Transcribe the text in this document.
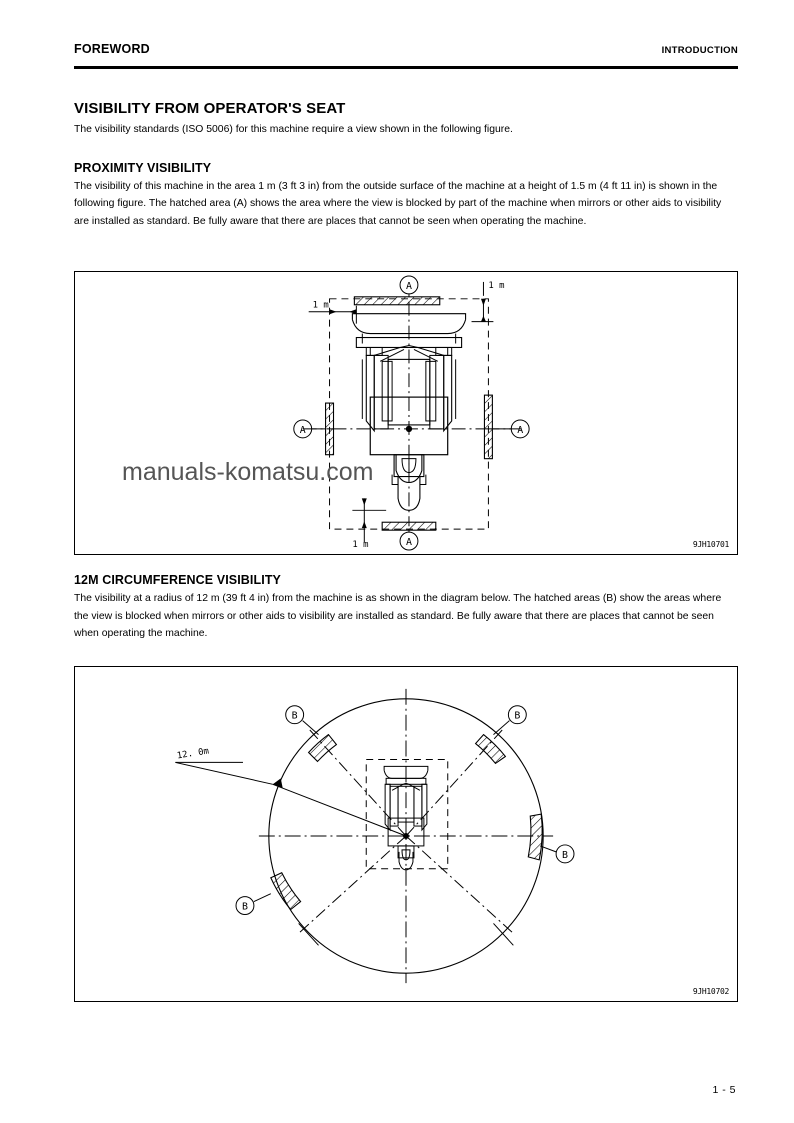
FOREWORD	INTRODUCTION
VISIBILITY FROM OPERATOR'S SEAT

The visibility standards (ISO 5006) for this machine require a view shown in the following figure.

PROXIMITY VISIBILITY

The visibility of this machine in the area 1 m (3 ft 3 in) from the outside surface of the machine at a height of 1.5 m (4 ft 11 in) is shown in the following figure. The hatched area (A) shows the area where the view is blocked by part of the machine when mirrors or other aids to visibility are installed as standard. Be fully aware that there are places that cannot be seen when operating the machine.

A
A	A
A
1 m
1 m
1 m	9JH10701
manuals-komatsu.com
12M CIRCUMFERENCE VISIBILITY

The visibility at a radius of 12 m (39 ft 4 in) from the machine is as shown in the diagram below. The hatched areas (B) show the areas where the view is blocked when mirrors or other aids to visibility are installed as standard. Be fully aware that there are places that cannot be seen when operating the machine.

B	B
B
B
12. 0m
9JH10702
1 - 5
